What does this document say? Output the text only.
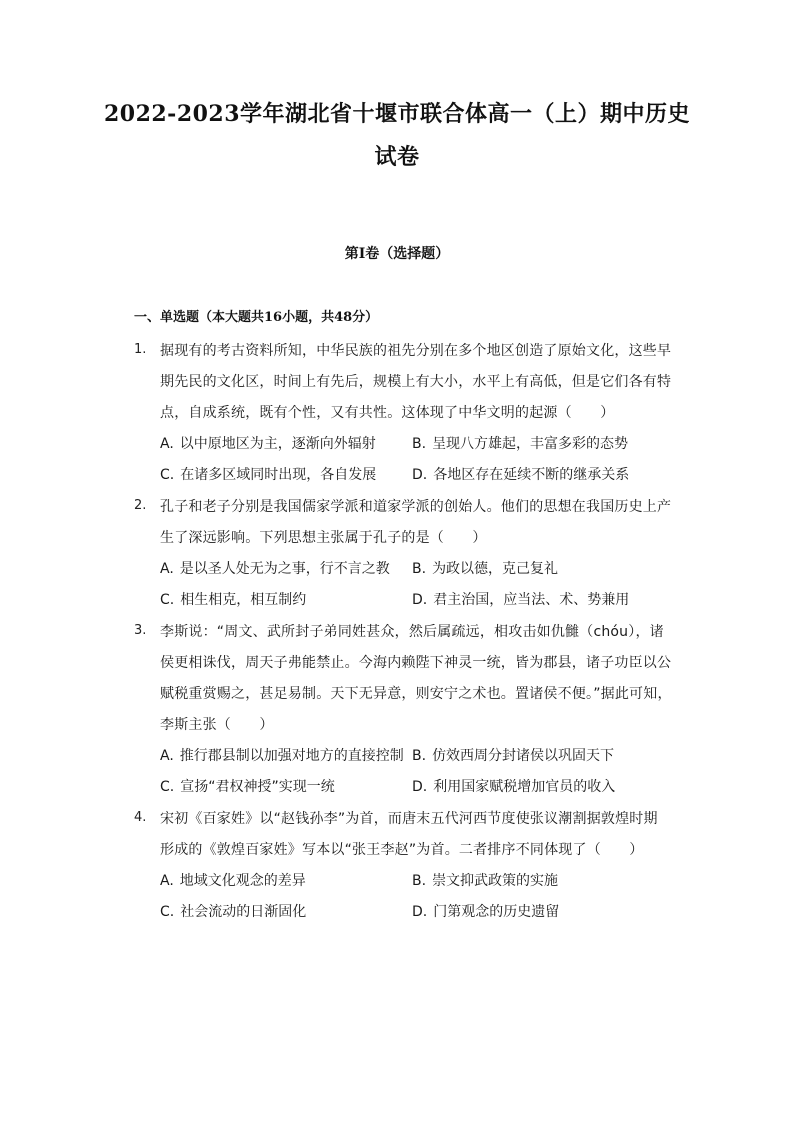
2022-2023学年湖北省十堰市联合体高一（上）期中历史
试卷
第Ⅰ卷（选择题）
一、单选题（本大题共16小题，共48分）
1. 据现有的考古资料所知，中华民族的祖先分别在多个地区创造了原始文化，这些早
期先民的文化区，时间上有先后，规模上有大小，水平上有高低，但是它们各有特
点，自成系统，既有个性，又有共性。这体现了中华文明的起源（　　）
A. 以中原地区为主，逐渐向外辐射	B. 呈现八方雄起，丰富多彩的态势
C. 在诸多区域同时出现，各自发展	D. 各地区存在延续不断的继承关系
2. 孔子和老子分别是我国儒家学派和道家学派的创始人。他们的思想在我国历史上产
生了深远影响。下列思想主张属于孔子的是（　　）
A. 是以圣人处无为之事，行不言之教 B. 为政以德，克己复礼
C. 相生相克，相互制约	D. 君主治国，应当法、术、势兼用
3. 李斯说：“周文、武所封子弟同姓甚众，然后属疏远，相攻击如仇雠（chóu），诸
侯更相诛伐，周天子弗能禁止。今海内赖陛下神灵一统，皆为郡县，诸子功臣以公
赋税重赏赐之，甚足易制。天下无异意，则安宁之术也。置诸侯不便。”据此可知，
李斯主张（　　）
A. 推行郡县制以加强对地方的直接控制 B. 仿效西周分封诸侯以巩固天下
C. 宣扬“君权神授”实现一统	D. 利用国家赋税增加官员的收入
4. 宋初《百家姓》以“赵钱孙李”为首，而唐末五代河西节度使张议潮割据敦煌时期
形成的《敦煌百家姓》写本以“张王李赵”为首。二者排序不同体现了（　　）
A. 地域文化观念的差异	B. 崇文抑武政策的实施
C. 社会流动的日渐固化	D. 门第观念的历史遗留
